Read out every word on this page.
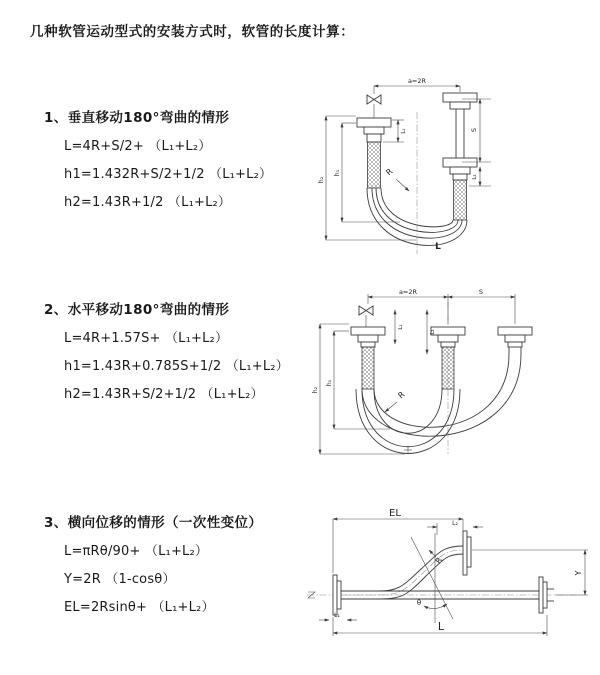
几种软管运动型式的安装方式时，软管的长度计算：
1、垂直移动180°弯曲的情形
L=4R+S/2+ （L₁+L₂）
h1=1.432R+S/2+1/2 （L₁+L₂）
h2=1.43R+1/2 （L₁+L₂）
a=2R
S
L₂
h₂
h₁
L₁
R
L
2、水平移动180°弯曲的情形
L=4R+1.57S+ （L₁+L₂）
h1=1.43R+0.785S+1/2 （L₁+L₂）
h2=1.43R+S/2+1/2 （L₁+L₂）
a=2R	S
h₂
h₁
L₁
L₂
R
3、横向位移的情形（一次性变位）
L=πRθ/90+ （L₁+L₂）
Y=2R （1-cosθ）
EL=2Rsinθ+ （L₁+L₂）	θ
R
EL
L₂
Y
L₁
L
